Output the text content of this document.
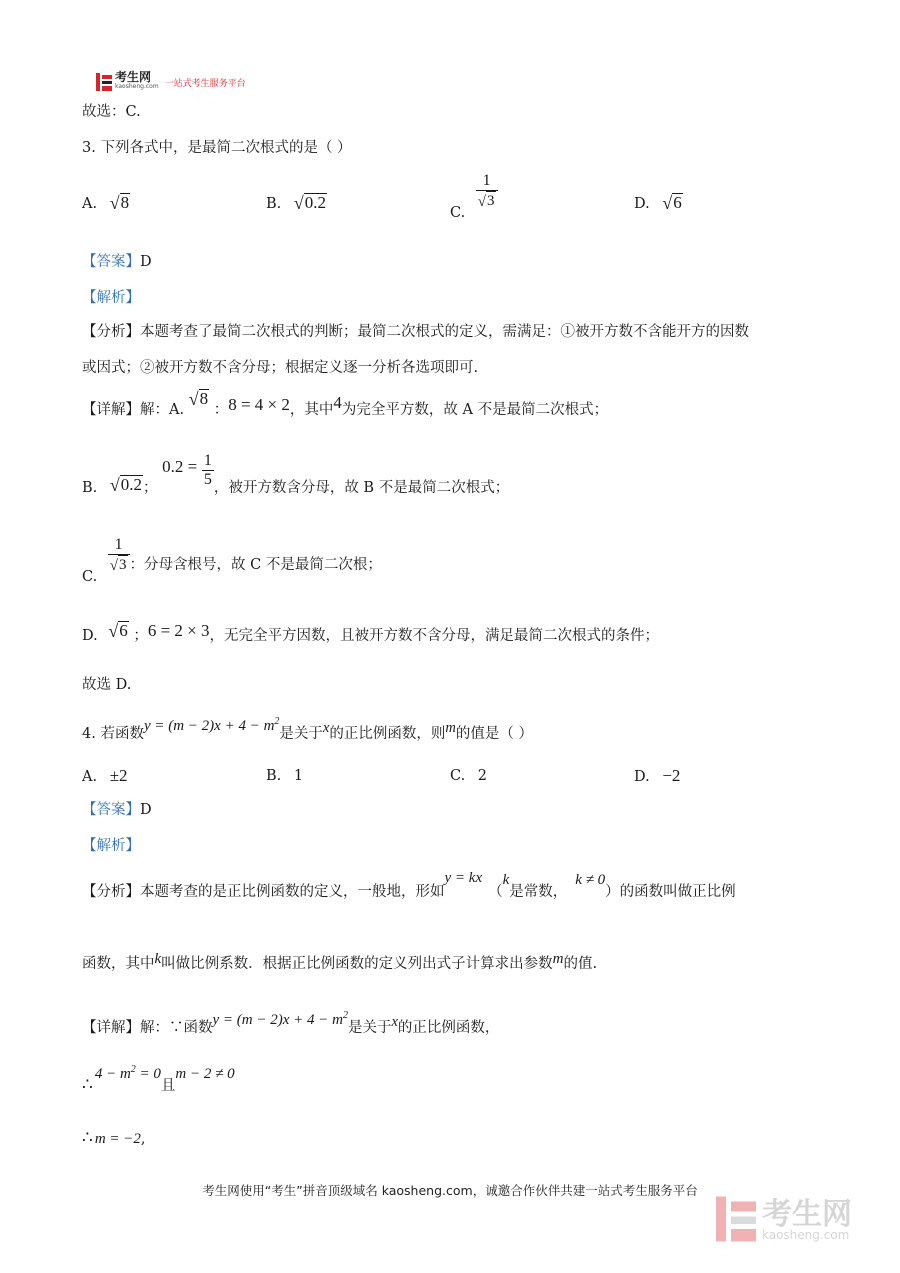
考生网
kaosheng.com 一站式考生服务平台
故选：C.
3. 下列各式中，是最简二次根式的是（ ）
A. √8	B. √0.2
C.
$\frac{1}{√3}$	D. √6
【答案】D
【解析】
【分析】本题考查了最简二次根式的判断；最简二次根式的定义，需满足：①被开方数不含能开方的因数
或因式；②被开方数不含分母；根据定义逐一分析各选项即可.
【详解】解：A. √8 ：8 = 4 × 2，其中4为完全平方数，故 A 不是最简二次根式；
B. √0.2； $0.2 = \frac{1}{5}$ ，被开方数含分母，故 B 不是最简二次根式；
C.
$\frac{1}{√3}$ ：分母含根号，故 C 不是最简二次根；
D. √6 ；6 = 2 × 3，无完全平方因数，且被开方数不含分母，满足最简二次根式的条件；
故选 D.
4. 若函数$y = (m - 2)x + 4 - m^2$是关于x的正比例函数，则m的值是（ ）
A. ±2	B. 1	C. 2	D. −2
【答案】D
【解析】
【分析】本题考查的是正比例函数的定义，一般地，形如y = kx（k是常数，k ≠ 0）的函数叫做正比例
函数，其中k叫做比例系数．根据正比例函数的定义列出式子计算求出参数m的值.
【详解】解：∵函数$y = (m - 2)x + 4 - m^2$是关于x的正比例函数，
∴4 − $m^2 = 0$且m − 2 ≠ 0
∴ m = −2,
考生网使用“考生”拼音顶级域名 kaosheng.com，诚邀合作伙伴共建一站式考生服务平台
考生网
kaosheng.com
